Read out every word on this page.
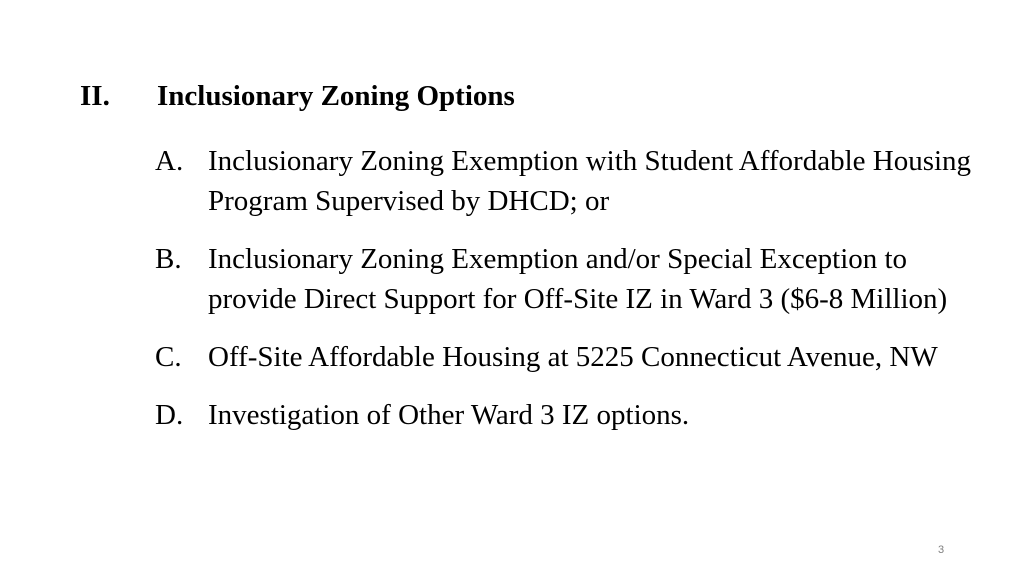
II. Inclusionary Zoning Options
A. Inclusionary Zoning Exemption with Student Affordable Housing Program Supervised by DHCD; or
B. Inclusionary Zoning Exemption and/or Special Exception to provide Direct Support for Off-Site IZ in Ward 3 ($6-8 Million)
C. Off-Site Affordable Housing at 5225 Connecticut Avenue, NW
D. Investigation of Other Ward 3 IZ options.
3
